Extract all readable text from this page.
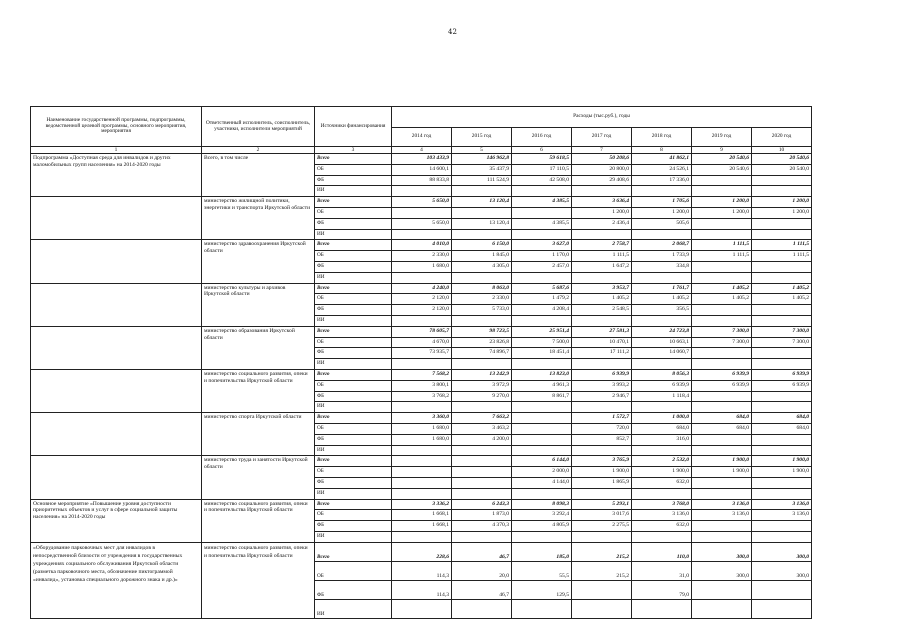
42
Наименование государственной программы, подпрограммы, ведомственной целевой программы, основного мероприятия, мероприятия	Ответственный исполнитель, соисполнитель, участники, исполнители мероприятий	Источники финансирования	Расходы (тыс.руб.), годы						
			2014 год	2015 год	2016 год	2017 год	2018 год	2019 год	2020 год
1	2	3	4	5	6	7	8	9	10
Подпрограмма «Доступная среда для инвалидов и других маломобильных групп населения» на 2014-2020 годы	Всего, в том числе	Всего	103 433,9	146 962,8	59 618,5	50 208,6	41 862,1	20 540,6	20 540,6
		ОБ	14 600,1	35 437,9	17 110,5	20 800,0	24 526,1	20 540,6	20 540,0
		ФБ	88 833,8	111 524,9	42 508,0	29 408,6	17 336,0		
		ИИ							
	министерство жилищной политики, энергетики и транспорта Иркутской области	Всего	5 650,0	13 120,4	4 385,5	3 636,4	1 705,6	1 200,0	1 200,0
		ОБ				1 200,0	1 200,0	1 200,0	1 200,0
		ФБ	5 650,0	13 120,4	4 385,5	2 436,4	505,6		
		ИИ							
	министерство здравоохранения Иркутской области	Всего	4 010,0	6 150,0	3 627,0	2 758,7	2 068,7	1 111,5	1 111,5
		ОБ	2 330,0	1 845,0	1 170,0	1 111,5	1 733,9	1 111,5	1 111,5
		ФБ	1 680,0	4 305,0	2 457,0	1 647,2	334,8		
		ИИ							
	министерство культуры и архивов Иркутской области	Всего	4 240,0	8 063,0	5 687,6	3 953,7	1 761,7	1 405,2	1 405,2
		ОБ	2 120,0	2 330,0	1 479,2	1 405,2	1 405,2	1 405,2	1 405,2
		ФБ	2 120,0	5 733,0	4 208,4	2 548,5	356,5		
		ИИ							
	министерство образования Иркутской области	Всего	78 605,7	98 723,5	25 951,4	27 581,3	24 723,8	7 300,0	7 300,0
		ОБ	4 670,0	23 826,8	7 500,0	10 470,1	10 663,1	7 300,0	7 300,0
		ФБ	73 935,7	74 896,7	18 451,4	17 111,2	14 060,7		
		ИИ							
	министерство социального развития, опеки и попечительства Иркутской области	Всего	7 568,2	13 242,9	13 823,0	6 939,9	8 056,3	6 939,9	6 939,9
		ОБ	3 800,1	3 972,9	4 961,3	3 993,2	6 939,9	6 939,9	6 939,9
		ФБ	3 768,2	9 270,0	8 861,7	2 946,7	1 118,4		
		ИИ							
	министерство спорта Иркутской области	Всего	3 360,0	7 663,2		1 572,7	1 000,0	684,0	684,0
		ОБ	1 680,0	3 463,2		720,0	684,0	684,0	684,0
		ФБ	1 680,0	4 200,0		852,7	316,0		
		ИИ							
	министерство труда и занятости Иркутской области	Всего			6 144,0	3 765,9	2 532,0	1 900,0	1 900,0
		ОБ			2 000,0	1 900,0	1 900,0	1 900,0	1 900,0
		ФБ			4 144,0	1 865,9	632,0		
		ИИ							
Основное мероприятие «Повышение уровня доступности приоритетных объектов и услуг в сфере социальной защиты населения» на 2014-2020 годы	министерство социального развития, опеки и попечительства Иркутской области	Всего	3 336,2	6 243,3	8 098,3	5 293,1	3 768,0	3 136,0	3 136,0
		ОБ	1 668,1	1 873,0	3 292,4	3 017,6	3 136,0	3 136,0	3 136,0
		ФБ	1 668,1	4 370,3	4 805,9	2 275,5	632,0		
		ИИ							
«Оборудование парковочных мест для инвалидов в непосредственной близости от учреждения в государственных учреждениях социального обслуживания Иркутской области (разметка парковочного места, обозначение пиктограммой «инвалид», установка специального дорожного знака и др.)»	министерство социального развития, опеки и попечительства Иркутской области	Всего	228,6	46,7	185,0	215,2	110,0	300,0	300,0
		ОБ	114,3	20,0	55,5	215,2	31,0	300,0	300,0
		ФБ	114,3	46,7	129,5		79,0		
		ИИ							
